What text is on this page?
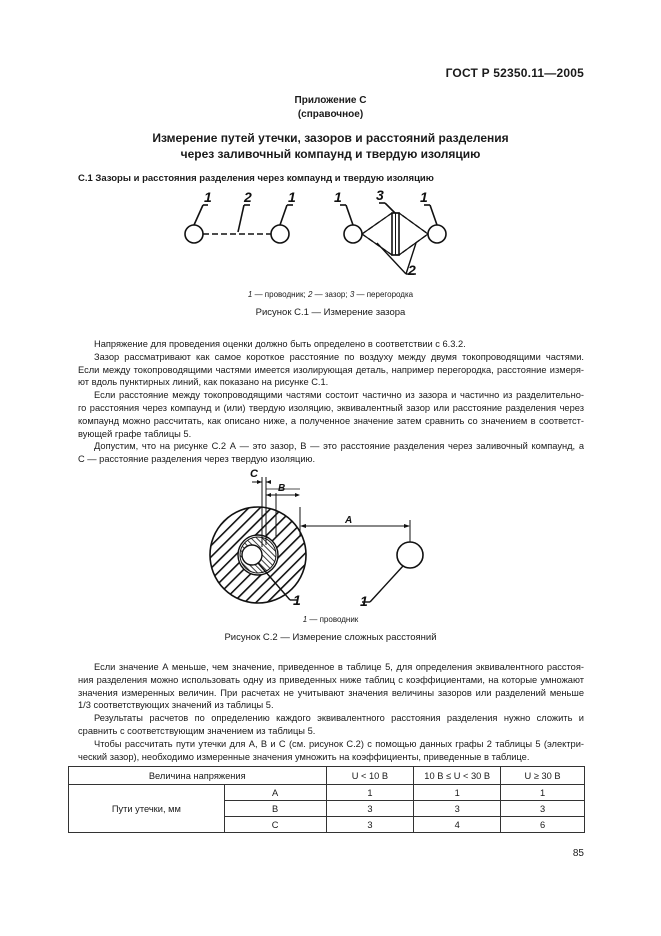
ГОСТ Р 52350.11—2005
Приложение С
(справочное)
Измерение путей утечки, зазоров и расстояний разделения
через заливочный компаунд и твердую изоляцию
С.1 Зазоры и расстояния разделения через компаунд и твердую изоляцию
1 2	1	1 3	1
2
1 — проводник; 2 — зазор; 3 — перегородка
Рисунок С.1 — Измерение зазора
Напряжение для проведения оценки должно быть определено в соответствии с 6.3.2.
Зазор рассматривают как самое короткое расстояние по воздуху между двумя токопроводящими частями.
Если между токопроводящими частями имеется изолирующая деталь, например перегородка, расстояние измеря-
ют вдоль пунктирных линий, как показано на рисунке С.1.
Если расстояние между токопроводящими частями состоит частично из зазора и частично из разделительно-
го расстояния через компаунд и (или) твердую изоляцию, эквивалентный зазор или расстояние разделения через
компаунд можно рассчитать, как описано ниже, а полученное значение затем сравнить со значением в соответст-
вующей графе таблицы 5.
Допустим, что на рисунке С.2 А — это зазор, В — это расстояние разделения через заливочный компаунд, а
С — расстояние разделения через твердую изоляцию.
С
В
А
1	1
1 — проводник
Рисунок С.2 — Измерение сложных расстояний
Если значение А меньше, чем значение, приведенное в таблице 5, для определения эквивалентного расстоя-
ния разделения можно использовать одну из приведенных ниже таблиц с коэффициентами, на которые умножают
значения измеренных величин. При расчетах не учитывают значения величины зазоров или разделений меньше
1/3 соответствующих значений из таблицы 5.
Результаты расчетов по определению каждого эквивалентного расстояния разделения нужно сложить и
сравнить с соответствующим значением из таблицы 5.
Чтобы рассчитать пути утечки для А, В и С (см. рисунок С.2) с помощью данных графы 2 таблицы 5 (электри-
ческий зазор), необходимо измеренные значения умножить на коэффициенты, приведенные в таблице.
Величина напряжения		U < 10 В	10 В ≤ U < 30 В	U ≥ 30 В
Пути утечки, мм	А	1	1	1
	В	3	3	3
	С	3	4	6
85
